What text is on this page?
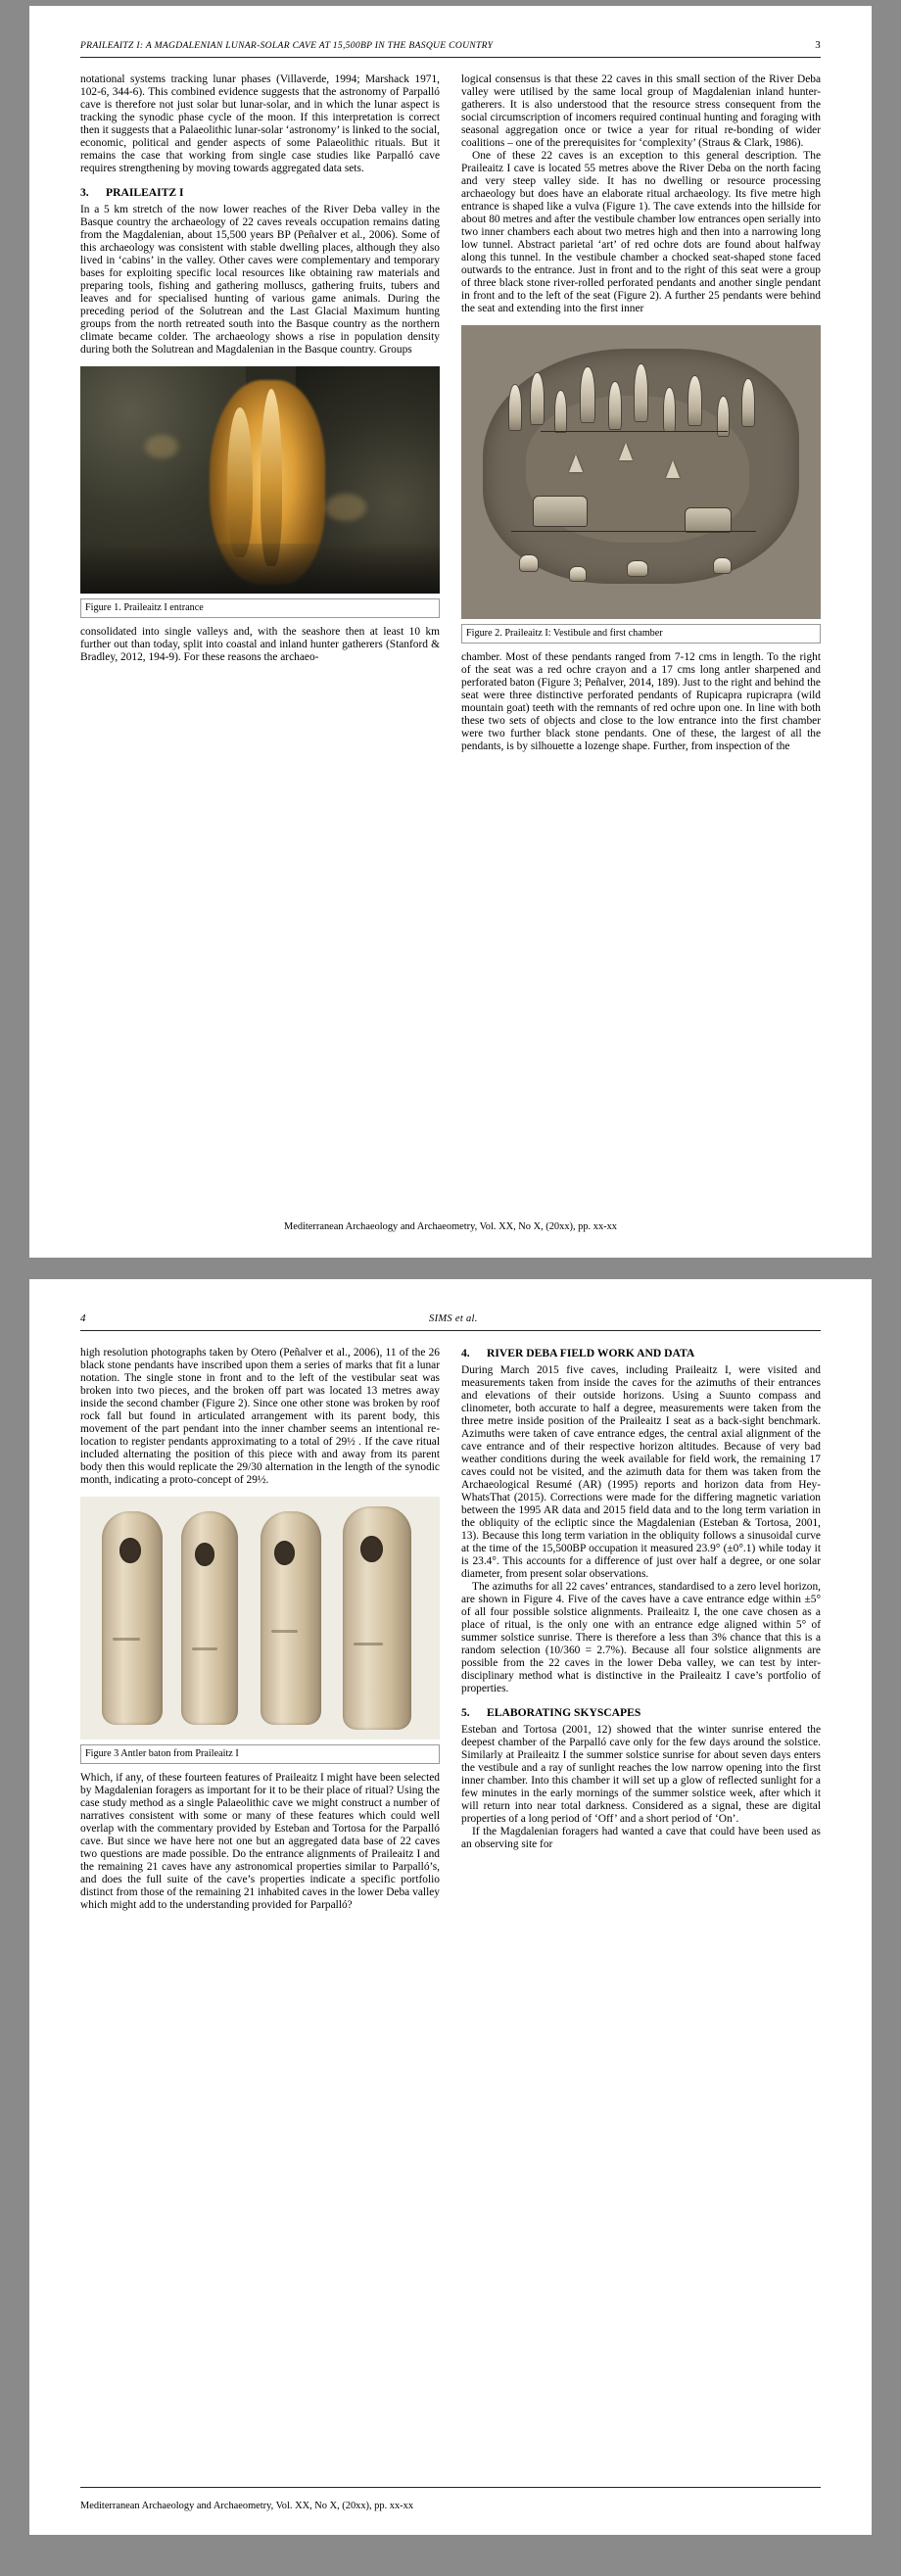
PRAILEAITZ I: A MAGDALENIAN LUNAR-SOLAR CAVE AT 15,500BP IN THE BASQUE COUNTRY	3

notational systems tracking lunar phases (Villaverde, 1994; Marshack 1971, 102-6, 344-6). This combined evidence suggests that the astronomy of Parpalló cave is therefore not just solar but lunar-solar, and in which the lunar aspect is tracking the synodic phase cycle of the moon. If this interpretation is correct then it suggests that a Palaeolithic lunar-solar ‘astronomy’ is linked to the social, economic, political and gender aspects of some Palaeolithic rituals. But it remains the case that working from single case studies like Parpalló cave requires strengthening by moving towards aggregated data sets.

3. PRAILEAITZ I

In a 5 km stretch of the now lower reaches of the River Deba valley in the Basque country the archaeology of 22 caves reveals occupation remains dating from the Magdalenian, about 15,500 years BP (Peñalver et al., 2006). Some of this archaeology was consistent with stable dwelling places, although they also lived in ‘cabins’ in the valley. Other caves were complementary and temporary bases for exploiting specific local resources like obtaining raw materials and preparing tools, fishing and gathering molluscs, gathering fruits, tubers and leaves and for specialised hunting of various game animals. During the preceding period of the Solutrean and the Last Glacial Maximum hunting groups from the north retreated south into the Basque country as the northern climate became colder. The archaeology shows a rise in population density during both the Solutrean and Magdalenian in the Basque country. Groups

Figure 1. Praileaitz I entrance

consolidated into single valleys and, with the seashore then at least 10 km further out than today, split into coastal and inland hunter gatherers (Stanford & Bradley, 2012, 194-9). For these reasons the archaeo-

logical consensus is that these 22 caves in this small section of the River Deba valley were utilised by the same local group of Magdalenian inland hunter-gatherers. It is also understood that the resource stress consequent from the social circumscription of incomers required continual hunting and foraging with seasonal aggregation once or twice a year for ritual re-bonding of wider coalitions – one of the prerequisites for ‘complexity’ (Straus & Clark, 1986).

One of these 22 caves is an exception to this general description. The Praileaitz I cave is located 55 metres above the River Deba on the north facing and very steep valley side. It has no dwelling or resource processing archaeology but does have an elaborate ritual archaeology. Its five metre high entrance is shaped like a vulva (Figure 1). The cave extends into the hillside for about 80 metres and after the vestibule chamber low entrances open serially into two inner chambers each about two metres high and then into a narrowing long low tunnel. Abstract parietal ‘art’ of red ochre dots are found about halfway along this tunnel. In the vestibule chamber a chocked seat-shaped stone faced outwards to the entrance. Just in front and to the right of this seat were a group of three black stone river-rolled perforated pendants and another single pendant in front and to the left of the seat (Figure 2). A further 25 pendants were behind the seat and extending into the first inner

Figure 2. Praileaitz I: Vestibule and first chamber

chamber. Most of these pendants ranged from 7-12 cms in length. To the right of the seat was a red ochre crayon and a 17 cms long antler sharpened and perforated baton (Figure 3; Peñalver, 2014, 189). Just to the right and behind the seat were three distinctive perforated pendants of Rupicapra rupicrapra (wild mountain goat) teeth with the remnants of red ochre upon one. In line with both these two sets of objects and close to the low entrance into the first chamber were two further black stone pendants. One of these, the largest of all the pendants, is by silhouette a lozenge shape. Further, from inspection of the

Mediterranean Archaeology and Archaeometry, Vol. XX, No X, (20xx), pp. xx-xx
4	SIMS et al.

high resolution photographs taken by Otero (Peñalver et al., 2006), 11 of the 26 black stone pendants have inscribed upon them a series of marks that fit a lunar notation. The single stone in front and to the left of the vestibular seat was broken into two pieces, and the broken off part was located 13 metres away inside the second chamber (Figure 2). Since one other stone was broken by roof rock fall but found in articulated arrangement with its parent body, this movement of the part pendant into the inner chamber seems an intentional re-location to register pendants approximating to a total of 29½ . If the cave ritual included alternating the position of this piece with and away from its parent body then this would replicate the 29/30 alternation in the length of the synodic month, indicating a proto-concept of 29½.

Figure 3 Antler baton from Praileaitz I

Which, if any, of these fourteen features of Praileaitz I might have been selected by Magdalenian foragers as important for it to be their place of ritual? Using the case study method as a single Palaeolithic cave we might construct a number of narratives consistent with some or many of these features which could well overlap with the commentary provided by Esteban and Tortosa for the Parpalló cave. But since we have here not one but an aggregated data base of 22 caves two questions are made possible. Do the entrance alignments of Praileaitz I and the remaining 21 caves have any astronomical properties similar to Parpalló’s, and does the full suite of the cave’s properties indicate a specific portfolio distinct from those of the remaining 21 inhabited caves in the lower Deba valley which might add to the understanding provided for Parpalló?

4. RIVER DEBA FIELD WORK AND DATA

During March 2015 five caves, including Praileaitz I, were visited and measurements taken from inside the caves for the azimuths of their entrances and elevations of their outside horizons. Using a Suunto compass and clinometer, both accurate to half a degree, measurements were taken from the three metre inside position of the Praileaitz I seat as a back-sight benchmark. Azimuths were taken of cave entrance edges, the central axial alignment of the cave entrance and of their respective horizon altitudes. Because of very bad weather conditions during the week available for field work, the remaining 17 caves could not be visited, and the azimuth data for them was taken from the Archaeological Resumé (AR) (1995) reports and horizon data from Hey-WhatsThat (2015). Corrections were made for the differing magnetic variation between the 1995 AR data and 2015 field data and to the long term variation in the obliquity of the ecliptic since the Magdalenian (Esteban & Tortosa, 2001, 13). Because this long term variation in the obliquity follows a sinusoidal curve at the time of the 15,500BP occupation it measured 23.9° (±0°.1) while today it is 23.4°. This accounts for a difference of just over half a degree, or one solar diameter, from present solar observations.

The azimuths for all 22 caves’ entrances, standardised to a zero level horizon, are shown in Figure 4. Five of the caves have a cave entrance edge within ±5° of all four possible solstice alignments. Praileaitz I, the one cave chosen as a place of ritual, is the only one with an entrance edge aligned within 5° of summer solstice sunrise. There is therefore a less than 3% chance that this is a random selection (10/360 = 2.7%). Because all four solstice alignments are possible from the 22 caves in the lower Deba valley, we can test by inter-disciplinary method what is distinctive in the Praileaitz I cave’s portfolio of properties.

5. ELABORATING SKYSCAPES

Esteban and Tortosa (2001, 12) showed that the winter sunrise entered the deepest chamber of the Parpalló cave only for the few days around the solstice. Similarly at Praileaitz I the summer solstice sunrise for about seven days enters the vestibule and a ray of sunlight reaches the low narrow opening into the first inner chamber. Into this chamber it will set up a glow of reflected sunlight for a few minutes in the early mornings of the summer solstice week, after which it will return into near total darkness. Considered as a signal, these are digital properties of a long period of ‘Off’ and a short period of ‘On’.

If the Magdalenian foragers had wanted a cave that could have been used as an observing site for

Mediterranean Archaeology and Archaeometry, Vol. XX, No X, (20xx), pp. xx-xx
